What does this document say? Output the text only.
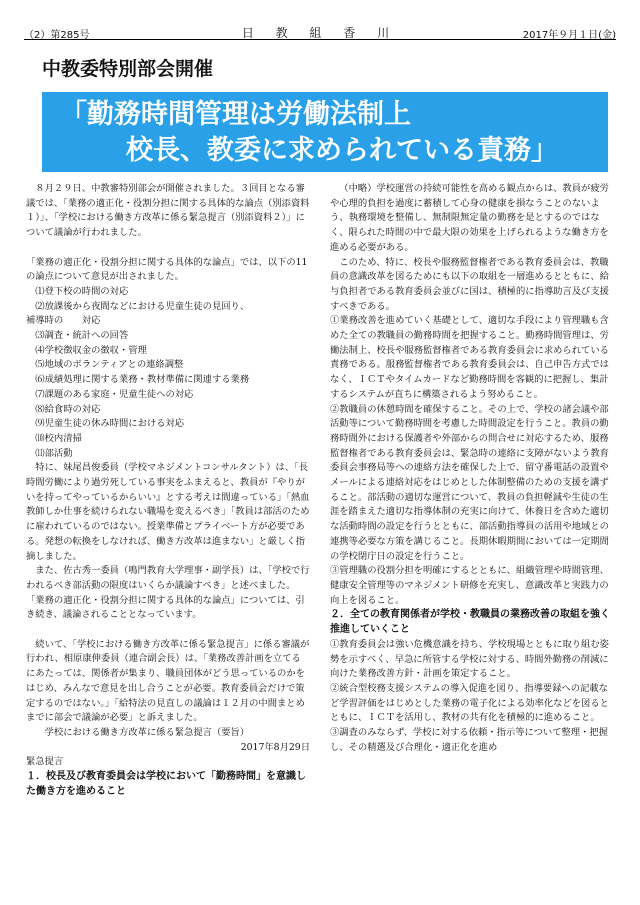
（2）第285号	日 教 組 香 川	2017年９月１日(金)
中教委特別部会開催
「勤務時間管理は労働法制上
校長、教委に求められている責務」

８月２９日、中教審特別部会が開催されました。３回目となる審議では、「業務の適正化・役割分担に関する具体的な論点（別添資料１）」、「学校における働き方改革に係る緊急提言（別添資料２）」について議論が行われました。

「業務の適正化・役割分担に関する具体的な論点」では、以下の11の論点について意見が出されました。

⑴登下校の時間の対応

⑵放課後から夜間などにおける児童生徒の見回り、

補導時の　　対応

⑶調査・統計への回答

⑷学校徴収金の徴収・管理

⑸地域のボランティアとの連絡調整

⑹成績処理に関する業務・教材準備に関連する業務

⑺課題のある家庭・児童生徒への対応

⑻給食時の対応

⑼児童生徒の休み時間における対応

⑽校内清掃

⑾部活動

特に、妹尾昌俊委員（学校マネジメントコンサルタント）は、「長時間労働により過労死している事実をふまえると、教員が『やりがいを持ってやっているからいい』とする考えは間違っている」「熱血教師しか仕事を続けられない職場を変えるべき」「教員は部活のために雇われているのではない。授業準備とプライベート方が必要である。発想の転換をしなければ、働き方改革は進まない」と厳しく指摘しました。

また、佐古秀一委員（鳴門教育大学理事・副学長）は、「学校で行われるべき部活動の限度はいくらか議論すべき」と述べました。

「業務の適正化・役割分担に関する具体的な論点」については、引き続き、議論されることとなっています。

続いて、「学校における働き方改革に係る緊急提言」に係る審議が行われ、相原康伸委員（連合副会長）は、「業務改善計画を立てるにあたっては、関係者が集まり、職員団体がどう思っているのかをはじめ、みんなで意見を出し合うことが必要。教育委員会だけで策定するのではない。」「給特法の見直しの議論は１２月の中間まとめまでに部会で議論が必要」と訴えました。

学校における働き方改革に係る緊急提言（要旨）

2017年8月29日

緊急提言

１．校長及び教育委員会は学校において「勤務時間」を意識した働き方を進めること

（中略）学校運営の持続可能性を高める観点からは、教員が疲労や心理的負担を過度に蓄積して心身の健康を損なうことのないよう、執務環境を整備し、無制限無定量の勤務を是とするのではなく、限られた時間の中で最大限の効果を上げられるような働き方を進める必要がある。

このため、特に、校長や服務監督権者である教育委員会は、教職員の意識改革を図るためにも以下の取組を一層進めるとともに、給与負担者である教育委員会並びに国は、積極的に指導助言及び支援すべきである。

①業務改善を進めていく基礎として、適切な手段により管理職も含めた全ての教職員の勤務時間を把握すること。勤務時間管理は、労働法制上、校長や服務監督権者である教育委員会に求められている責務である。服務監督権者である教育委員会は、自己申告方式ではなく、ＩＣＴやタイムカードなど勤務時間を客観的に把握し、集計するシステムが直ちに構築されるよう努めること。

②教職員の休憩時間を確保すること。その上で、学校の諸会議や部活動等について勤務時間を考慮した時間設定を行うこと。教員の勤務時間外における保護者や外部からの問合せに対応するため、服務監督権者である教育委員会は、緊急時の連絡に支障がないよう教育委員会事務局等への連絡方法を確保した上で、留守番電話の設置やメールによる連絡対応をはじめとした体制整備のための支援を講ずること。部活動の適切な運営について、教員の負担軽減や生徒の生涯を踏まえた適切な指導体制の充実に向けて、休養日を含めた適切な活動時間の設定を行うとともに、部活動指導員の活用や地域との連携等必要な方策を講じること。長期休暇期間においては一定期間の学校閉庁日の設定を行うこと。

③管理職の役割分担を明確にするとともに、組織管理や時間管理、健康安全管理等のマネジメント研修を充実し、意識改革と実践力の向上を図ること。

２．全ての教育関係者が学校・教職員の業務改善の取組を強く推進していくこと

①教育委員会は強い危機意識を持ち、学校現場とともに取り組む姿勢を示すべく、早急に所管する学校に対する、時間外勤務の削減に向けた業務改善方針・計画を策定すること。

②統合型校務支援システムの導入促進を図り、指導要録への記載など学習評価をはじめとした業務の電子化による効率化などを図るとともに、ＩＣＴを活用し、教材の共有化を積極的に進めること。

③調査のみならず、学校に対する依頼・指示等について整理・把握し、その精選及び合理化・適正化を進め
